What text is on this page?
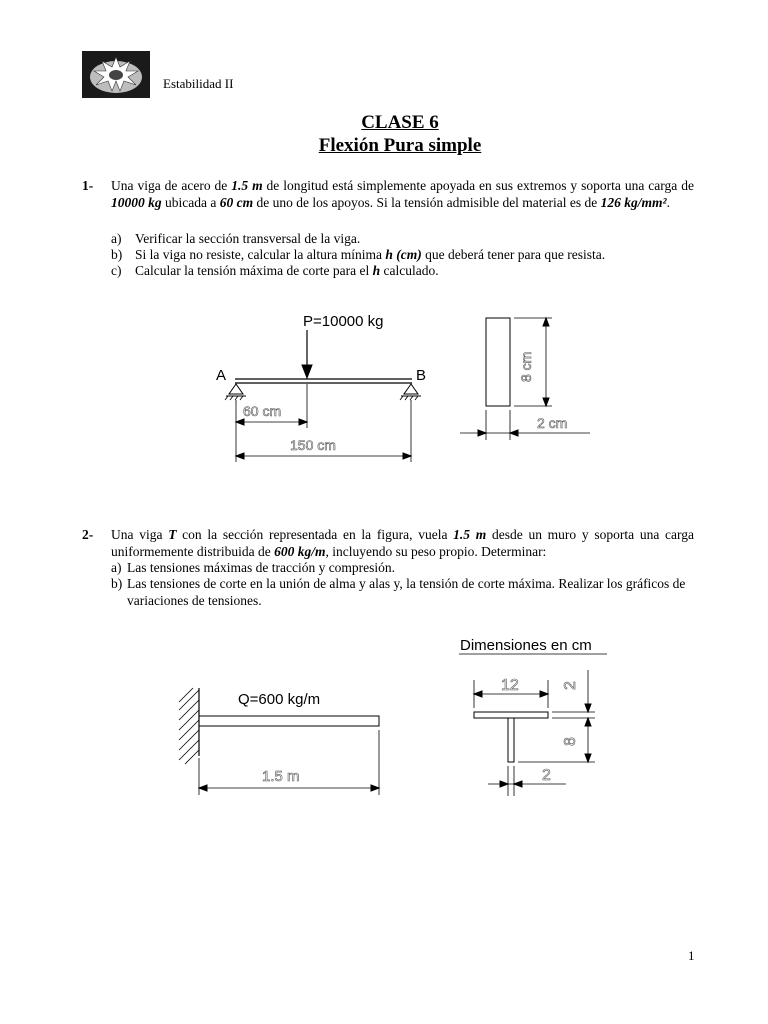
Estabilidad II
CLASE 6
Flexión Pura simple
1- Una viga de acero de 1.5 m de longitud está simplemente apoyada en sus extremos y soporta una carga de 10000 kg ubicada a 60 cm de uno de los apoyos. Si la tensión admisible del material es de 126 kg/mm².
a) Verificar la sección transversal de la viga.
b) Si la viga no resiste, calcular la altura mínima h (cm) que deberá tener para que resista.
c) Calcular la tensión máxima de corte para el h calculado.
P=10000 kg
A	B
60 cm
150 cm
8 cm
2 cm
2- Una viga T con la sección representada en la figura, vuela 1.5 m desde un muro y soporta una carga uniformemente distribuida de 600 kg/m, incluyendo su peso propio. Determinar:
a) Las tensiones máximas de tracción y compresión.
b) Las tensiones de corte en la unión de alma y alas y, la tensión de corte máxima. Realizar los gráficos de variaciones de tensiones.
Dimensiones en cm
Q=600 kg/m
1.5 m
12	2
8
2
1
